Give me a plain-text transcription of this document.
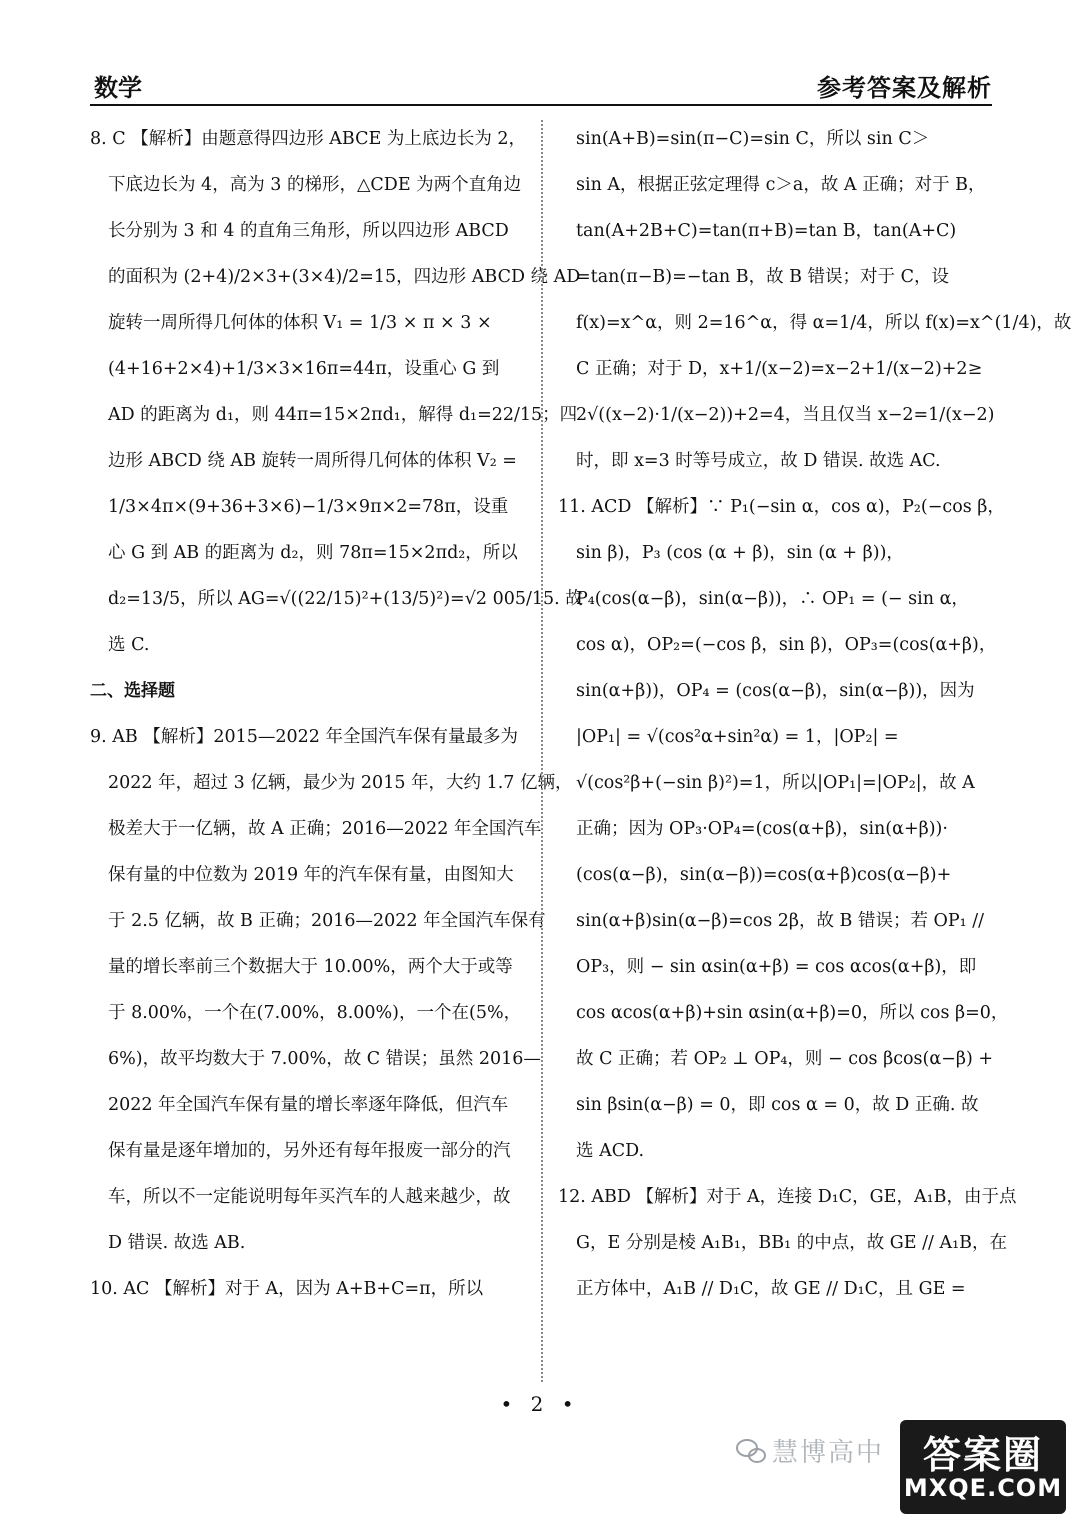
数学	参考答案及解析
8. C 【解析】由题意得四边形 ABCE 为上底边长为 2，
下底边长为 4，高为 3 的梯形，△CDE 为两个直角边
长分别为 3 和 4 的直角三角形，所以四边形 ABCD
的面积为 (2+4)/2×3+(3×4)/2=15，四边形 ABCD 绕 AD
旋转一周所得几何体的体积 V₁ = 1/3 × π × 3 ×
(4+16+2×4)+1/3×3×16π=44π，设重心 G 到
AD 的距离为 d₁，则 44π=15×2πd₁，解得 d₁=22/15；四
边形 ABCD 绕 AB 旋转一周所得几何体的体积 V₂ =
1/3×4π×(9+36+3×6)−1/3×9π×2=78π，设重
心 G 到 AB 的距离为 d₂，则 78π=15×2πd₂，所以
d₂=13/5，所以 AG=√((22/15)²+(13/5)²)=√2 005/15. 故
选 C.
二、选择题
9. AB 【解析】2015—2022 年全国汽车保有量最多为
2022 年，超过 3 亿辆，最少为 2015 年，大约 1.7 亿辆，
极差大于一亿辆，故 A 正确；2016—2022 年全国汽车
保有量的中位数为 2019 年的汽车保有量，由图知大
于 2.5 亿辆，故 B 正确；2016—2022 年全国汽车保有
量的增长率前三个数据大于 10.00%，两个大于或等
于 8.00%，一个在(7.00%，8.00%)，一个在(5%，
6%)，故平均数大于 7.00%，故 C 错误；虽然 2016—
2022 年全国汽车保有量的增长率逐年降低，但汽车
保有量是逐年增加的，另外还有每年报废一部分的汽
车，所以不一定能说明每年买汽车的人越来越少，故
D 错误. 故选 AB.
10. AC 【解析】对于 A，因为 A+B+C=π，所以
sin(A+B)=sin(π−C)=sin C，所以 sin C＞
sin A，根据正弦定理得 c＞a，故 A 正确；对于 B，
tan(A+2B+C)=tan(π+B)=tan B，tan(A+C)
=tan(π−B)=−tan B，故 B 错误；对于 C，设
f(x)=x^α，则 2=16^α，得 α=1/4，所以 f(x)=x^(1/4)，故
C 正确；对于 D，x+1/(x−2)=x−2+1/(x−2)+2≥
2√((x−2)·1/(x−2))+2=4，当且仅当 x−2=1/(x−2)
时，即 x=3 时等号成立，故 D 错误. 故选 AC.
11. ACD 【解析】∵ P₁(−sin α，cos α)，P₂(−cos β，
sin β)，P₃ (cos (α + β)，sin (α + β))，
P₄(cos(α−β)，sin(α−β))，∴ OP₁ = (− sin α，
cos α)，OP₂=(−cos β，sin β)，OP₃=(cos(α+β)，
sin(α+β))，OP₄ = (cos(α−β)，sin(α−β))，因为
|OP₁| = √(cos²α+sin²α) = 1，|OP₂| =
√(cos²β+(−sin β)²)=1，所以|OP₁|=|OP₂|，故 A
正确；因为 OP₃·OP₄=(cos(α+β)，sin(α+β))·
(cos(α−β)，sin(α−β))=cos(α+β)cos(α−β)+
sin(α+β)sin(α−β)=cos 2β，故 B 错误；若 OP₁ //
OP₃，则 − sin αsin(α+β) = cos αcos(α+β)，即
cos αcos(α+β)+sin αsin(α+β)=0，所以 cos β=0，
故 C 正确；若 OP₂ ⊥ OP₄，则 − cos βcos(α−β) +
sin βsin(α−β) = 0，即 cos α = 0，故 D 正确. 故
选 ACD.
12. ABD 【解析】对于 A，连接 D₁C，GE，A₁B，由于点
G，E 分别是棱 A₁B₁，BB₁ 的中点，故 GE // A₁B，在
正方体中，A₁B // D₁C，故 GE // D₁C，且 GE =
• 2 •
慧博高中	答案圈
MXQE.COM
